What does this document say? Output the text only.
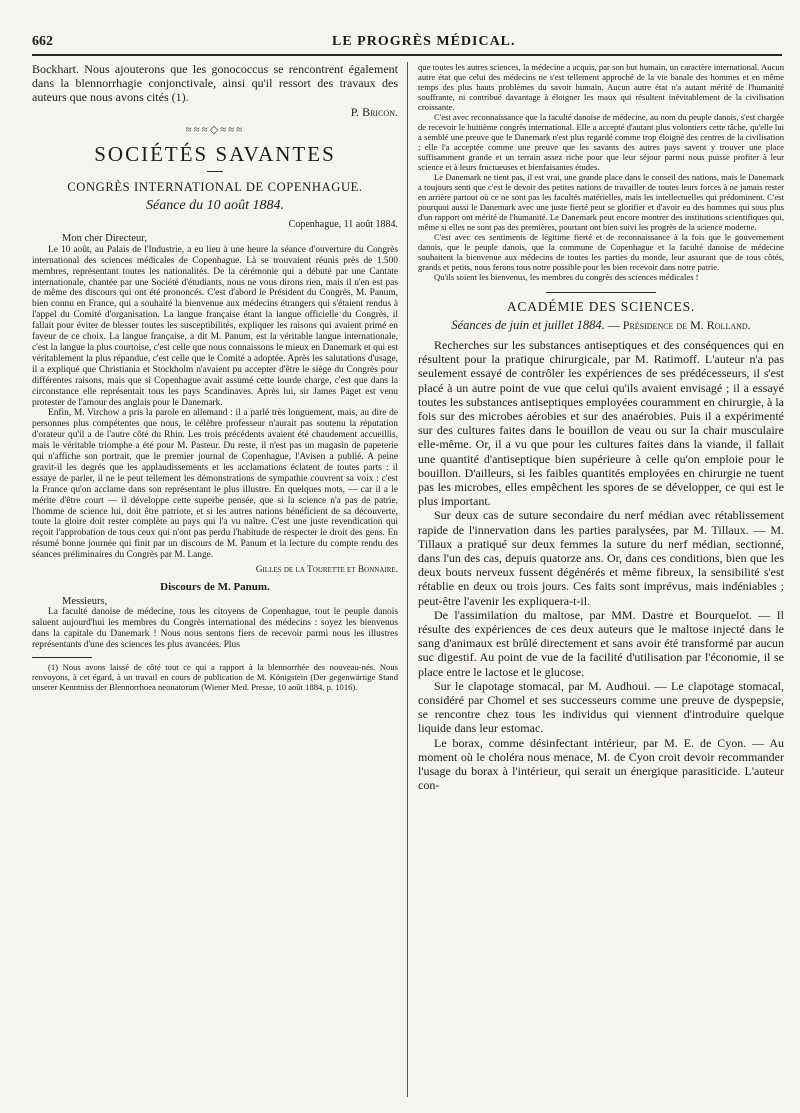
662	LE PROGRÈS MÉDICAL.

Bockhart. Nous ajouterons que les gonococcus se rencontrent également dans la blennorrhagie conjonctivale, ainsi qu'il ressort des travaux des auteurs que nous avons cités (1).

P. Bricon.

≈≈≈◇≈≈≈
SOCIÉTÉS SAVANTES
CONGRÈS INTERNATIONAL DE COPENHAGUE.
Séance du 10 août 1884.
Copenhague, 11 août 1884.
Mon cher Directeur,

Le 10 août, au Palais de l'Industrie, a eu lieu à une heure la séance d'ouverture du Congrès international des sciences médicales de Copenhague. Là se trouvaient réunis près de 1.500 membres, représentant toutes les nationalités. De la cérémonie qui a débuté par une Cantate internationale, chantée par une Société d'étudiants, nous ne vous dirons rien, mais il n'en est pas de même des discours qui ont été prononcés. C'est d'abord le Président du Congrès, M. Panum, bien connu en France, qui a souhaité la bienvenue aux médecins étrangers qui s'étaient rendus à l'appel du Comité d'organisation. La langue française étant la langue officielle du Congrès, il fallait pour éviter de blesser toutes les susceptibilités, expliquer les raisons qui avaient primé en faveur de ce choix. La langue française, a dit M. Panum, est la véritable langue internationale, c'est la langue la plus courtoise, c'est celle que nous connaissons le mieux en Danemark et qui est véritablement la plus répandue, c'est celle que le Comité a adoptée. Après les salutations d'usage, il a expliqué que Christiania et Stockholm n'avaient pu accepter d'être le siège du Congrès pour différentes raisons, mais que si Copenhague avait assumé cette lourde charge, c'est que dans la circonstance elle représentait tous les pays Scandinaves. Après lui, sir James Paget est venu protester de l'amour des anglais pour le Danemark.

Enfin, M. Virchow a pris la parole en allemand : il a parlé très longuement, mais, au dire de personnes plus compétentes que nous, le célèbre professeur n'aurait pas soutenu la réputation d'orateur qu'il a de l'autre côté du Rhin. Les trois précédents avaient été chaudement accueillis, mais le véritable triomphe a été pour M. Pasteur. Du reste, il n'est pas un magasin de papeterie qui n'affiche son portrait, que le premier journal de Copenhague, l'Avisen a publié. A peine gravit-il les degrés que les applaudissements et les acclamations éclatent de toutes parts : il essaye de parler, il ne le peut tellement les démonstrations de sympathie couvrent sa voix : c'est la France qu'on acclame dans son représentant le plus illustre. En quelques mots, — car il a le mérite d'être court — il développe cette superbe pensée, que si la science n'a pas de patrie, l'homme de science lui, doit être patriote, et si les autres nations bénéficient de sa découverte, toute la gloire doit rester complète au pays qui l'a vu naître. C'est une juste revendication qui reçoit l'approbation de tous ceux qui n'ont pas perdu l'habitude de respecter le droit des gens. En résumé bonne journée qui finit par un discours de M. Panum et la lecture du compte rendu des séances préliminaires du Congrès par M. Lange.

Gilles de la Tourette et Bonnaire.

Discours de M. Panum.
Messieurs,

La faculté danoise de médecine, tous les citoyens de Copenhague, tout le peuple danois saluent aujourd'hui les membres du Congrès international des médecins : soyez les bienvenus dans la capitale du Danemark ! Nous nous sentons fiers de recevoir parmi nous les illustres représentants d'une des sciences les plus avancées. Plus

(1) Nous avons laissé de côté tout ce qui a rapport à la blennorrhée des nouveau-nés. Nous renvoyons, à cet égard, à un travail en cours de publication de M. Königstein (Der gegenwärtige Stand unserer Kenntniss der Blennorrhoea neonatorum (Wiener Med. Presse, 10 août 1884, p. 1016).

que toutes les autres sciences, la médecine a acquis, par son but humain, un caractère international. Aucun autre état que celui des médecins ne s'est tellement approché de la vie banale des hommes et en même temps des plus hauts problèmes du savoir humain. Aucun autre état n'a autant mérité de l'humanité souffrante, ni contribué davantage à éloigner les maux qui résultent inévitablement de la civilisation croissante.

C'est avec reconnaissance que la faculté danoise de médecine, au nom du peuple danois, s'est chargée de recevoir le huitième congrès international. Elle a accepté d'autant plus volontiers cette tâche, qu'elle lui a semblé une preuve que le Danemark n'est plus regardé comme trop éloigné des centres de la civilisation ; elle l'a acceptée comme une preuve que les savants des autres pays savent y trouver une place suffisamment grande et un terrain assez riche pour que leur séjour parmi nous puisse profiter à leur science et à leurs fructueuses et bienfaisantes études.

Le Danemark ne tient pas, il est vrai, une grande place dans le conseil des nations, mais le Danemark a toujours senti que c'est le devoir des petites nations de travailler de toutes leurs forces à ne jamais rester en arrière partout où ce ne sont pas les facultés matérielles, mais les intellectuelles qui prédominent. C'est pourquoi aussi le Danemark avec une juste fierté peut se glorifier et d'avoir eu des hommes qui sous plus d'un rapport ont mérité de l'humanité. Le Danemark peut encore montrer des institutions scientifiques qui, même si elles ne sont pas des premières, pourtant ont bien suivi les progrès de la science moderne.

C'est avec ces sentiments de légitime fierté et de reconnaissance à la fois que le gouvernement danois, que le peuple danois, que la commune de Copenhague et la faculté danoise de médecine souhaitent la bienvenue aux médecins de toutes les parties du monde, leur assurant que de tous côtés, grands et petits, nous ferons tous notre possible pour les bien recevoir dans notre patrie.

Qu'ils soient les bienvenus, les membres du congrès des sciences médicales !

ACADÉMIE DES SCIENCES.
Séances de juin et juillet 1884. — Présidence de M. Rolland.

Recherches sur les substances antiseptiques et des conséquences qui en résultent pour la pratique chirurgicale, par M. Ratimoff. L'auteur n'a pas seulement essayé de contrôler les expériences de ses prédécesseurs, il s'est placé à un autre point de vue que celui qu'ils avaient envisagé ; il a essayé toutes les substances antiseptiques employées couramment en chirurgie, à la fois sur des microbes aérobies et sur des anaérobies. Puis il a expérimenté sur des cultures faites dans le bouillon de veau ou sur la chair musculaire elle-même. Or, il a vu que pour les cultures faites dans la viande, il fallait une quantité d'antiseptique bien supérieure à celle qu'on emploie pour le bouillon. D'ailleurs, si les faibles quantités employées en chirurgie ne tuent pas les microbes, elles empêchent les spores de se développer, ce qui est le plus important.

Sur deux cas de suture secondaire du nerf médian avec rétablissement rapide de l'innervation dans les parties paralysées, par M. Tillaux. — M. Tillaux a pratiqué sur deux femmes la suture du nerf médian, sectionné, dans l'un des cas, depuis quatorze ans. Or, dans ces conditions, bien que les deux bouts nerveux fussent dégénérés et même fibreux, la sensibilité s'est rétablie en deux ou trois jours. Ces faits sont imprévus, mais indéniables ; peut-être l'avenir les expliquera-t-il.

De l'assimilation du maltose, par MM. Dastre et Bourquelot. — Il résulte des expériences de ces deux auteurs que le maltose injecté dans le sang d'animaux est brûlé directement et sans avoir été transformé par aucun suc digestif. Au point de vue de la facilité d'utilisation par l'économie, il se place entre le lactose et le glucose.

Sur le clapotage stomacal, par M. Audhoui. — Le clapotage stomacal, considéré par Chomel et ses successeurs comme une preuve de dyspepsie, se rencontre chez tous les individus qui viennent d'introduire quelque liquide dans leur estomac.

Le borax, comme désinfectant intérieur, par M. E. de Cyon. — Au moment où le choléra nous menace, M. de Cyon croit devoir recommander l'usage du borax à l'intérieur, qui serait un énergique parasiticide. L'auteur con-
